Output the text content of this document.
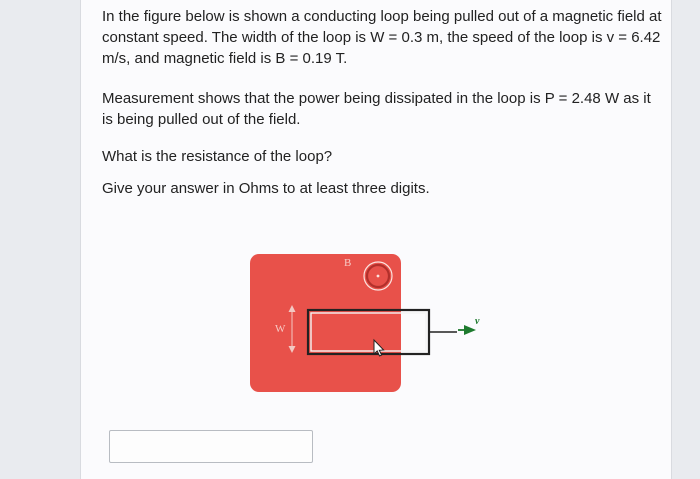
In the figure below is shown a conducting loop being pulled out of a magnetic field at constant speed. The width of the loop is W = 0.3 m, the speed of the loop is v = 6.42 m/s, and magnetic field is B = 0.19 T.

Measurement shows that the power being dissipated in the loop is P = 2.48 W as it is being pulled out of the field.

What is the resistance of the loop?

Give your answer in Ohms to at least three digits.

B
W
v
